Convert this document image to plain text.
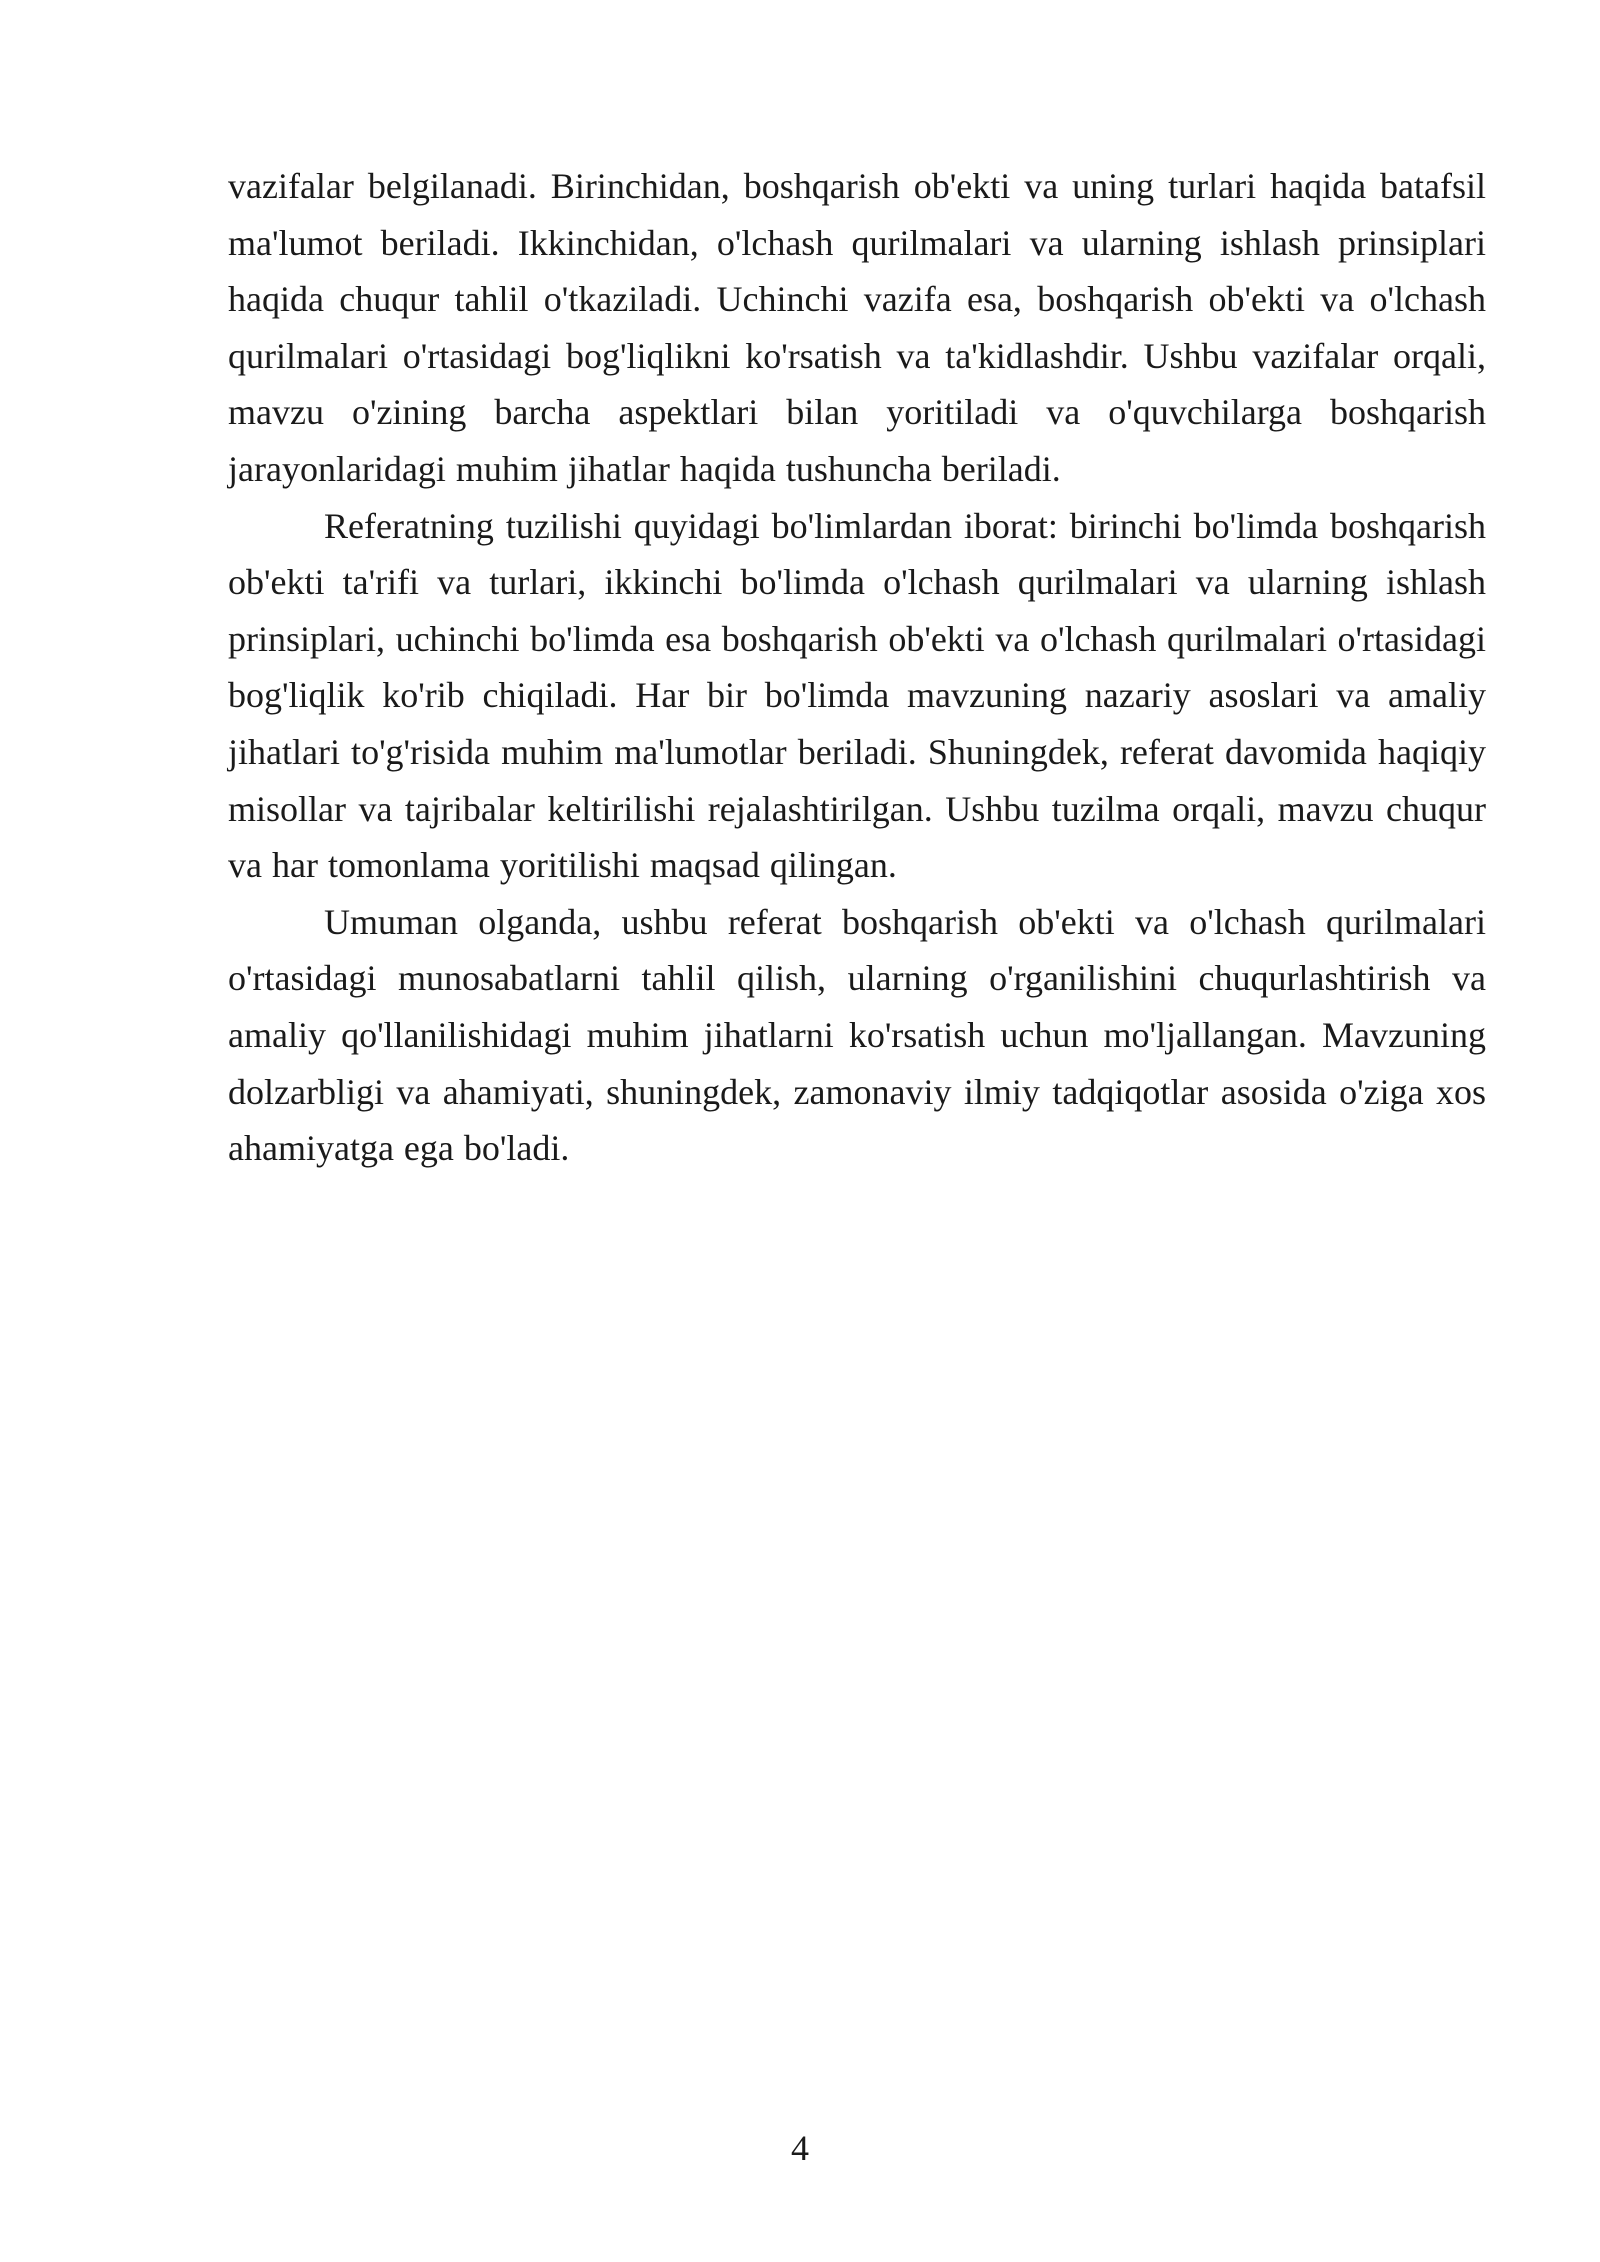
vazifalar belgilanadi. Birinchidan, boshqarish ob'ekti va uning turlari haqida batafsil ma'lumot beriladi. Ikkinchidan, o'lchash qurilmalari va ularning ishlash prinsiplari haqida chuqur tahlil o'tkaziladi. Uchinchi vazifa esa, boshqarish ob'ekti va o'lchash qurilmalari o'rtasidagi bog'liqlikni ko'rsatish va ta'kidlashdir. Ushbu vazifalar orqali, mavzu o'zining barcha aspektlari bilan yoritiladi va o'quvchilarga boshqarish jarayonlaridagi muhim jihatlar haqida tushuncha beriladi.

Referatning tuzilishi quyidagi bo'limlardan iborat: birinchi bo'limda boshqarish ob'ekti ta'rifi va turlari, ikkinchi bo'limda o'lchash qurilmalari va ularning ishlash prinsiplari, uchinchi bo'limda esa boshqarish ob'ekti va o'lchash qurilmalari o'rtasidagi bog'liqlik ko'rib chiqiladi. Har bir bo'limda mavzuning nazariy asoslari va amaliy jihatlari to'g'risida muhim ma'lumotlar beriladi. Shuningdek, referat davomida haqiqiy misollar va tajribalar keltirilishi rejalashtirilgan. Ushbu tuzilma orqali, mavzu chuqur va har tomonlama yoritilishi maqsad qilingan.

Umuman olganda, ushbu referat boshqarish ob'ekti va o'lchash qurilmalari o'rtasidagi munosabatlarni tahlil qilish, ularning o'rganilishini chuqurlashtirish va amaliy qo'llanilishidagi muhim jihatlarni ko'rsatish uchun mo'ljallangan. Mavzuning dolzarbligi va ahamiyati, shuningdek, zamonaviy ilmiy tadqiqotlar asosida o'ziga xos ahamiyatga ega bo'ladi.

4
